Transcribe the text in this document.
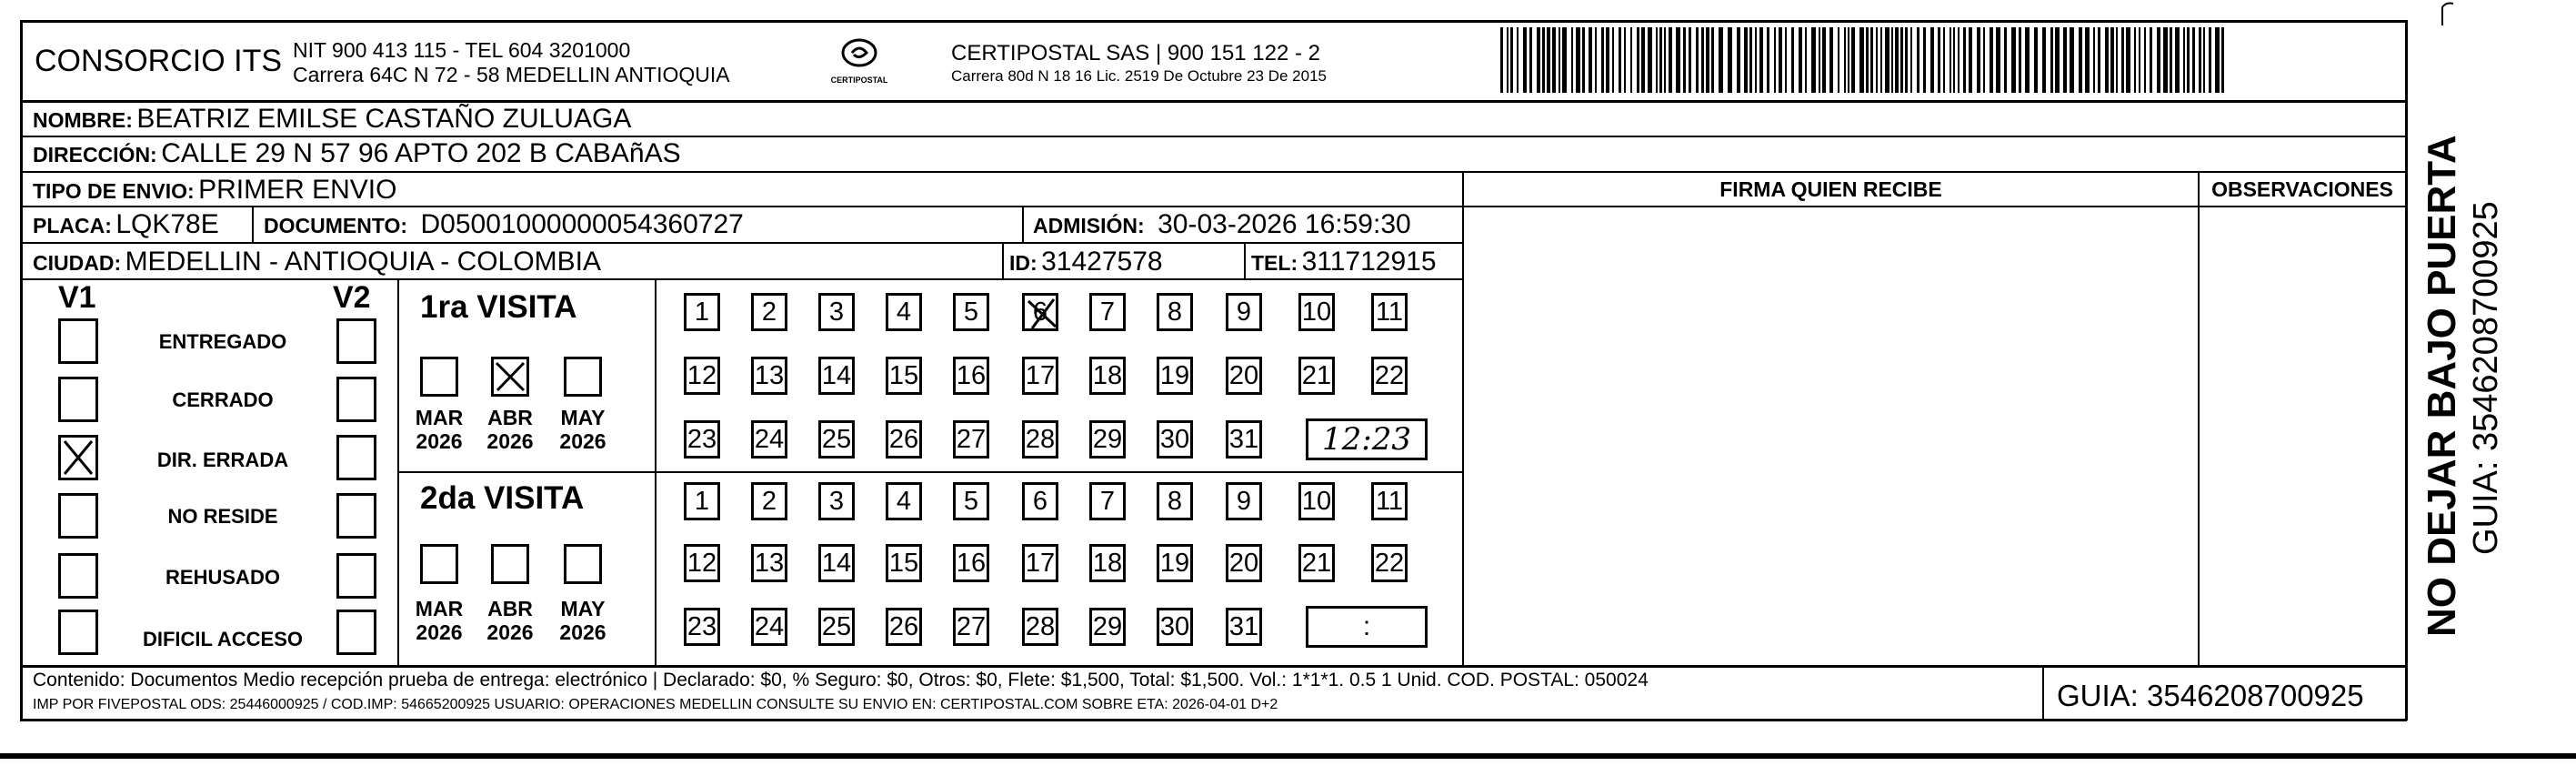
CONSORCIO ITS NIT 900 413 115 - TEL 604 3201000
Carrera 64C N 72 - 58 MEDELLIN ANTIOQUIA	CERTIPOSTAL
CERTIPOSTAL SAS | 900 151 122 - 2
Carrera 80d N 18 16 Lic. 2519 De Octubre 23 De 2015
NOMBRE: BEATRIZ EMILSE CASTAÑO ZULUAGA
DIRECCIÓN: CALLE 29 N 57 96 APTO 202 B CABAñAS
TIPO DE ENVIO: PRIMER ENVIO
PLACA: LQK78E DOCUMENTO: D05001000000054360727	ADMISIÓN: 30-03-2026 16:59:30
CIUDAD: MEDELLIN - ANTIOQUIA - COLOMBIA	ID: 31427578	TEL: 311712915
FIRMA QUIEN RECIBE	OBSERVACIONES
V1	V2
ENTREGADO
CERRADO
DIR. ERRADA
NO RESIDE
REHUSADO
DIFICIL ACCESO
1ra VISITA
MAR
2026
ABR
2026
MAY
2026
1	2	3	4	5	6	7	8	9	10 11
12 13 14 15 16 17 18 19 20 21 22
23 24 25 26 27 28 29 30 31	12:23
2da VISITA
MAR
2026
ABR
2026
MAY
2026
1	2	3	4	5	6	7	8	9	10 11
12 13 14 15 16 17 18 19 20 21 22
23 24 25 26 27 28 29 30 31	:
Contenido: Documentos Medio recepción prueba de entrega: electrónico | Declarado: $0, % Seguro: $0, Otros: $0, Flete: $1,500, Total: $1,500. Vol.: 1*1*1. 0.5 1 Unid. COD. POSTAL: 050024
IMP POR FIVEPOSTAL ODS: 25446000925 / COD.IMP: 54665200925 USUARIO: OPERACIONES MEDELLIN CONSULTE SU ENVIO EN: CERTIPOSTAL.COM SOBRE ETA: 2026-04-01 D+2	GUIA: 3546208700925
NO DEJAR BAJO PUERTA GUIA: 3546208700925
